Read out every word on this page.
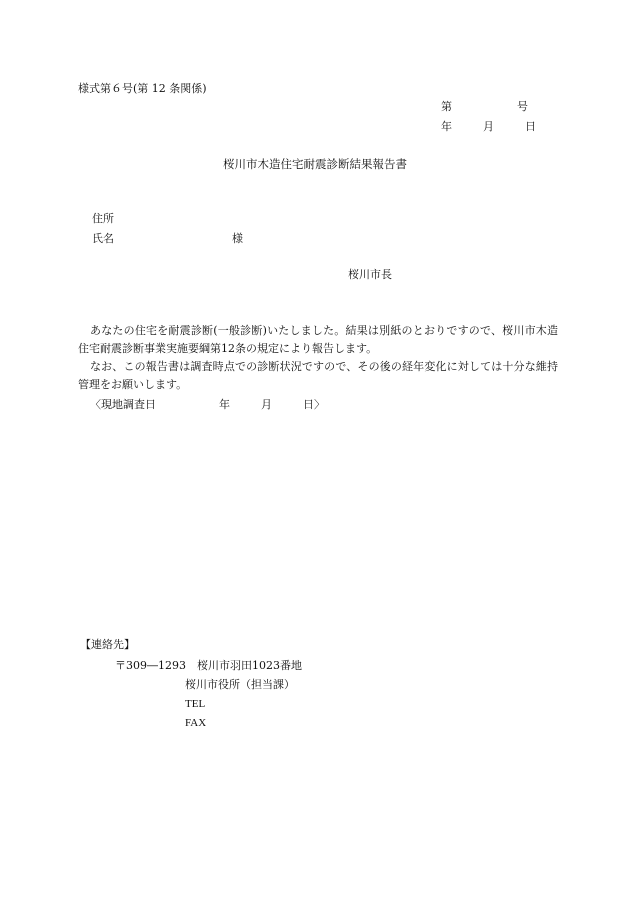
様式第６号(第 12 条関係)
第	号
年	月	日
桜川市木造住宅耐震診断結果報告書
住所
氏名	様
桜川市長

あなたの住宅を耐震診断(一般診断)いたしました。結果は別紙のとおりですので、桜川市木造住宅耐震診断事業実施要綱第12条の規定により報告します。

なお、この報告書は調査時点での診断状況ですので、その後の経年変化に対しては十分な維持管理をお願いします。

〈現地調査日	年	月	日〉
【連絡先】
〒309―1293　桜川市羽田1023番地
桜川市役所（担当課）
TEL
FAX
